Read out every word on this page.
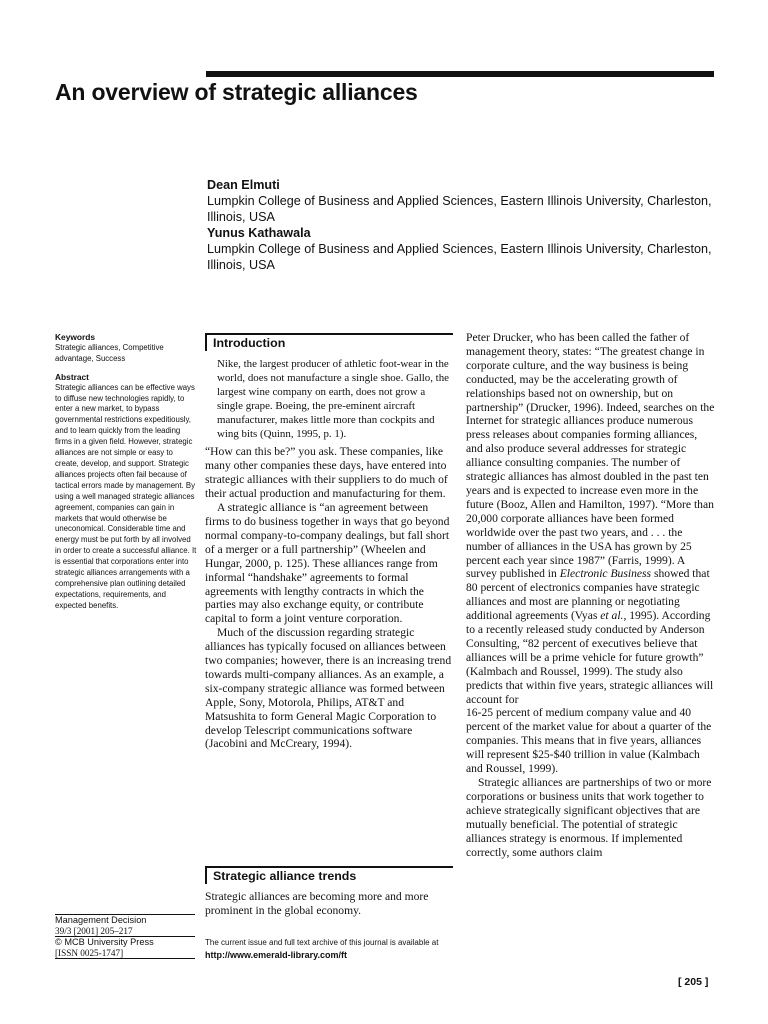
An overview of strategic alliances
Dean Elmuti
Lumpkin College of Business and Applied Sciences, Eastern Illinois University, Charleston, Illinois, USA
Yunus Kathawala
Lumpkin College of Business and Applied Sciences, Eastern Illinois University, Charleston, Illinois, USA
Keywords
Strategic alliances, Competitive advantage, Success
Abstract
Strategic alliances can be effective ways to diffuse new technologies rapidly, to enter a new market, to bypass governmental restrictions expeditiously, and to learn quickly from the leading firms in a given field. However, strategic alliances are not simple or easy to create, develop, and support. Strategic alliances projects often fail because of tactical errors made by management. By using a well managed strategic alliances agreement, companies can gain in markets that would otherwise be uneconomical. Considerable time and energy must be put forth by all involved in order to create a successful alliance. It is essential that corporations enter into strategic alliances arrangements with a comprehensive plan outlining detailed expectations, requirements, and expected benefits.
Management Decision
39/3 [2001] 205–217
© MCB University Press
[ISSN 0025-1747]
Introduction
Nike, the largest producer of athletic foot-wear in the world, does not manufacture a single shoe. Gallo, the largest wine company on earth, does not grow a single grape. Boeing, the pre-eminent aircraft manufacturer, makes little more than cockpits and wing bits (Quinn, 1995, p. 1).

“How can this be?” you ask. These companies, like many other companies these days, have entered into strategic alliances with their suppliers to do much of their actual production and manufacturing for them.

A strategic alliance is “an agreement between firms to do business together in ways that go beyond normal company-to-company dealings, but fall short of a merger or a full partnership” (Wheelen and Hungar, 2000, p. 125). These alliances range from informal “handshake” agreements to formal agreements with lengthy contracts in which the parties may also exchange equity, or contribute capital to form a joint venture corporation.

Much of the discussion regarding strategic alliances has typically focused on alliances between two companies; however, there is an increasing trend towards multi-company alliances. As an example, a six-company strategic alliance was formed between Apple, Sony, Motorola, Philips, AT&T and Matsushita to form General Magic Corporation to develop Telescript communications software (Jacobini and McCreary, 1994).

Strategic alliance trends
Strategic alliances are becoming more and more prominent in the global economy.
The current issue and full text archive of this journal is available at
http://www.emerald-library.com/ft

Peter Drucker, who has been called the father of management theory, states: “The greatest change in corporate culture, and the way business is being conducted, may be the accelerating growth of relationships based not on ownership, but on partnership” (Drucker, 1996). Indeed, searches on the Internet for strategic alliances produce numerous press releases about companies forming alliances, and also produce several addresses for strategic alliance consulting companies. The number of strategic alliances has almost doubled in the past ten years and is expected to increase even more in the future (Booz, Allen and Hamilton, 1997). “More than 20,000 corporate alliances have been formed worldwide over the past two years, and . . . the number of alliances in the USA has grown by 25 percent each year since 1987” (Farris, 1999). A survey published in Electronic Business showed that 80 percent of electronics companies have strategic alliances and most are planning or negotiating additional agreements (Vyas et al., 1995). According to a recently released study conducted by Anderson Consulting, “82 percent of executives believe that alliances will be a prime vehicle for future growth” (Kalmbach and Roussel, 1999). The study also predicts that within five years, strategic alliances will account for

16-25 percent of medium company value and 40 percent of the market value for about a quarter of the companies. This means that in five years, alliances will represent $25-$40 trillion in value (Kalmbach and Roussel, 1999).

Strategic alliances are partnerships of two or more corporations or business units that work together to achieve strategically significant objectives that are mutually beneficial. The potential of strategic alliances strategy is enormous. If implemented correctly, some authors claim

[ 205 ]
